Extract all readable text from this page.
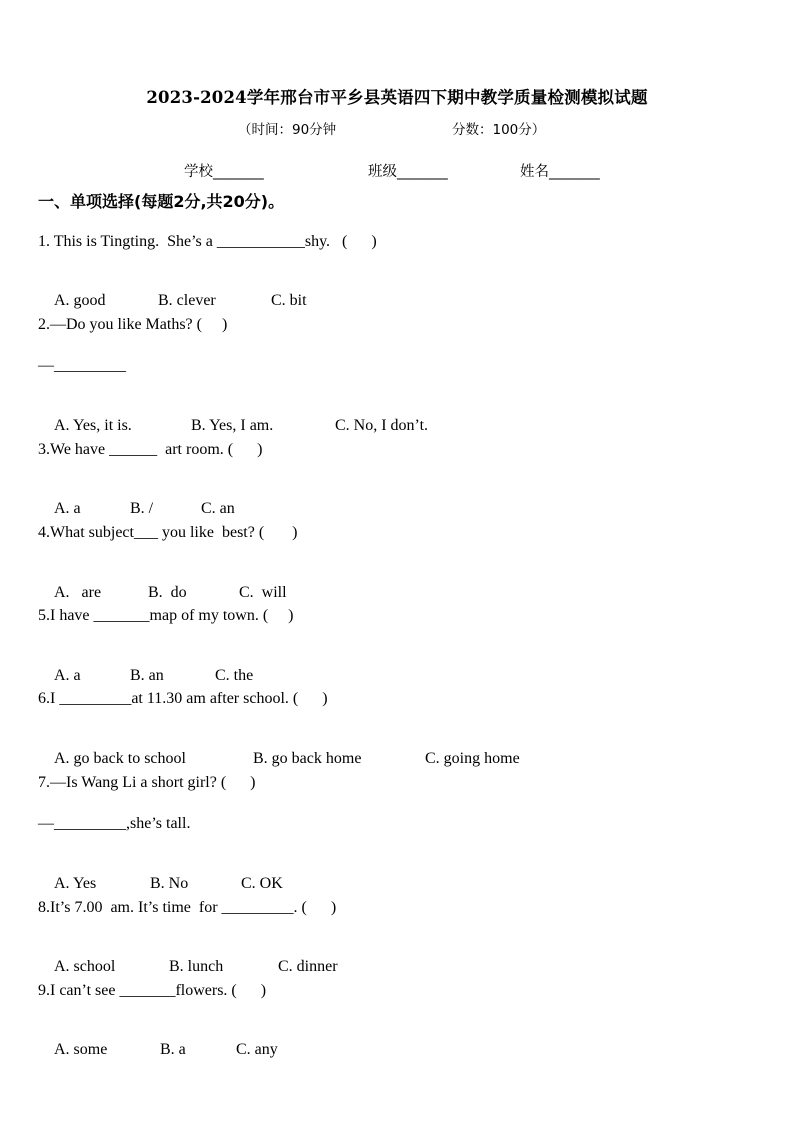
2023-2024学年邢台市平乡县英语四下期中教学质量检测模拟试题
（时间：90分钟	分数：100分）
学校_______	班级_______	姓名_______
一、单项选择(每题2分,共20分)。
1. This is Tingting.  She’s a ___________shy.   (      )

A. good	B. clever	C. bit

2.—Do you like Maths? (     )
—_________

A. Yes, it is.	B. Yes, I am.	C. No, I don’t.

3.We have ______  art room. (      )

A. a	B. /	C. an

4.What subject___ you like  best? (       )

A.   are	B.  do	C.  will

5.I have _______map of my town. (     )

A. a	B. an	C. the

6.I _________at 11.30 am after school. (      )

A. go back to school	B. go back home	C. going home

7.—Is Wang Li a short girl? (      )
—_________,she’s tall.

A. Yes	B. No	C. OK

8.It’s 7.00  am. It’s time  for _________. (      )

A. school	B. lunch	C. dinner

9.I can’t see _______flowers. (      )

A. some	B. a	C. any
